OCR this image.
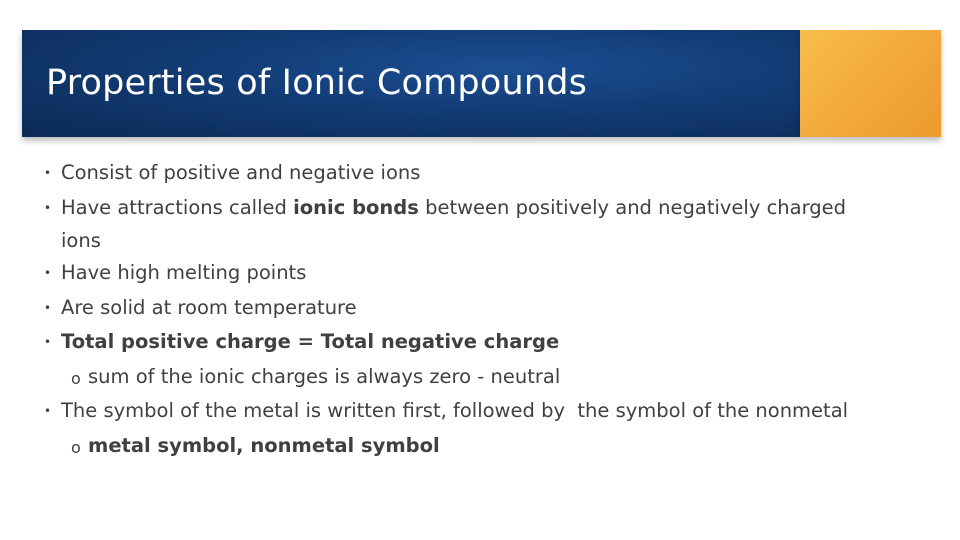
Properties of Ionic Compounds
• Consist of positive and negative ions
• Have attractions called ionic bonds between positively and negatively charged
ions
• Have high melting points
• Are solid at room temperature
• Total positive charge = Total negative charge
o sum of the ionic charges is always zero - neutral
• The symbol of the metal is written first, followed by  the symbol of the nonmetal
o metal symbol, nonmetal symbol
